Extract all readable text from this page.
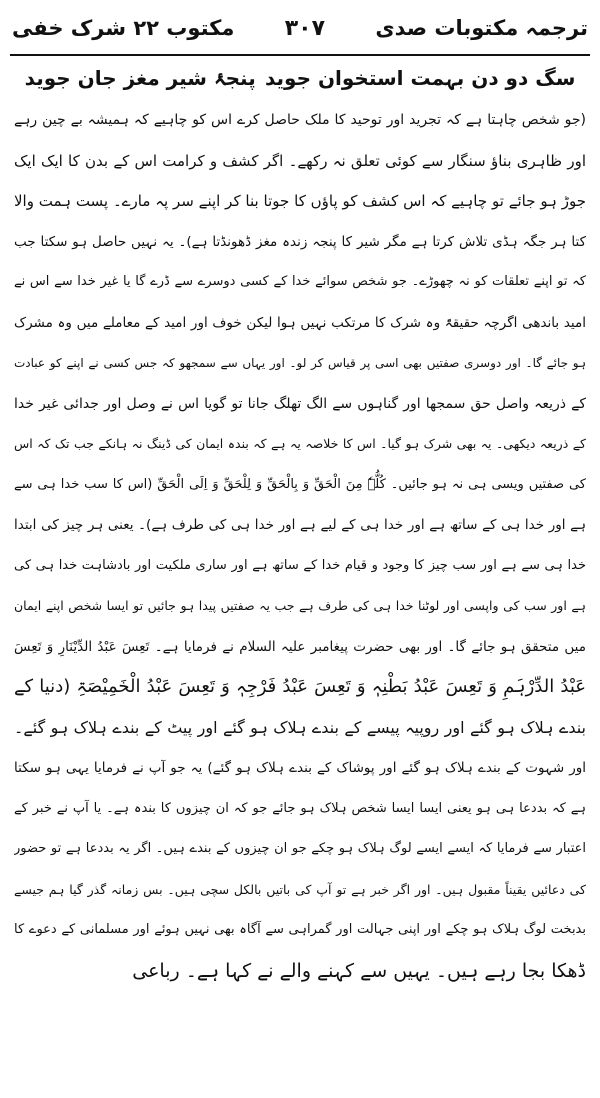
ترجمہ مکتوبات صدی
۳۰۷
مکتوب ۲۲ شرک خفی
سگ دو دن بہمت استخوان جوید
پنجۂ شیر مغز جان جوید
(جو شخص چاہتا ہے کہ تجرید اور توحید کا ملک حاصل کرے اس کو چاہیے کہ ہمیشہ بے چین رہے
اور ظاہری بناؤ سنگار سے کوئی تعلق نہ رکھے۔ اگر کشف و کرامت اس کے بدن کا ایک ایک
جوڑ ہو جائے تو چاہیے کہ اس کشف کو پاؤں کا جوتا بنا کر اپنے سر پہ مارے۔ پست ہمت والا
کتا ہر جگہ ہڈی تلاش کرتا ہے مگر شیر کا پنجہ زندہ مغز ڈھونڈتا ہے)۔ یہ نہیں حاصل ہو سکتا جب
کہ تو اپنے تعلقات کو نہ چھوڑے۔ جو شخص سوائے خدا کے کسی دوسرے سے ڈرے گا یا غیر خدا سے اس نے
امید باندھی اگرچہ حقیقۃً وہ شرک کا مرتکب نہیں ہوا لیکن خوف اور امید کے معاملے میں وہ مشرک
ہو جائے گا۔ اور دوسری صفتیں بھی اسی پر قیاس کر لو۔ اور یہاں سے سمجھو کہ جس کسی نے اپنے کو عبادت
کے ذریعہ واصل حق سمجھا اور گناہوں سے الگ تھلگ جانا تو گویا اس نے وصل اور جدائی غیر خدا
کے ذریعہ دیکھی۔ یہ بھی شرک ہو گیا۔ اس کا خلاصہ یہ ہے کہ بندہ ایمان کی ڈینگ نہ ہانکے جب تک کہ اس
کی صفتیں ویسی ہی نہ ہو جائیں۔ کُلُّہٗ مِنَ الْحَقِّ وَ بِالْحَقِّ وَ لِلْحَقِّ وَ اِلَی الْحَقِّ (اس کا سب خدا ہی سے
ہے اور خدا ہی کے ساتھ ہے اور خدا ہی کے لیے ہے اور خدا ہی کی طرف ہے)۔ یعنی ہر چیز کی ابتدا
خدا ہی سے ہے اور سب چیز کا وجود و قیام خدا کے ساتھ ہے اور ساری ملکیت اور بادشاہت خدا ہی کی
ہے اور سب کی واپسی اور لوٹنا خدا ہی کی طرف ہے جب یہ صفتیں پیدا ہو جائیں تو ایسا شخص اپنے ایمان
میں متحقق ہو جائے گا۔ اور بھی حضرت پیغامبر علیہ السلام نے فرمایا ہے۔ تَعِسَ عَبْدُ الدِّیْنَارِ وَ تَعِسَ
عَبْدُ الدِّرْہَمِ وَ تَعِسَ عَبْدُ بَطْنِہٖ وَ تَعِسَ عَبْدُ فَرْجِہٖ وَ تَعِسَ عَبْدُ الْخَمِیْصَۃِ (دنیا کے
بندے ہلاک ہو گئے اور روپیہ پیسے کے بندے ہلاک ہو گئے اور پیٹ کے بندے ہلاک ہو گئے۔
اور شہوت کے بندے ہلاک ہو گئے اور پوشاک کے بندے ہلاک ہو گئے) یہ جو آپ نے فرمایا یہی ہو سکتا
ہے کہ بددعا ہی ہو یعنی ایسا ایسا شخص ہلاک ہو جائے جو کہ ان چیزوں کا بندہ ہے۔ یا آپ نے خبر کے
اعتبار سے فرمایا کہ ایسے ایسے لوگ ہلاک ہو چکے جو ان چیزوں کے بندے ہیں۔ اگر یہ بددعا ہے تو حضور
کی دعائیں یقیناً مقبول ہیں۔ اور اگر خبر ہے تو آپ کی باتیں بالکل سچی ہیں۔ بس زمانہ گذر گیا ہم جیسے
بدبخت لوگ ہلاک ہو چکے اور اپنی جہالت اور گمراہی سے آگاہ بھی نہیں ہوئے اور مسلمانی کے دعوے کا
ڈھکا بجا رہے ہیں۔ یہیں سے کہنے والے نے کہا ہے۔ رباعی
